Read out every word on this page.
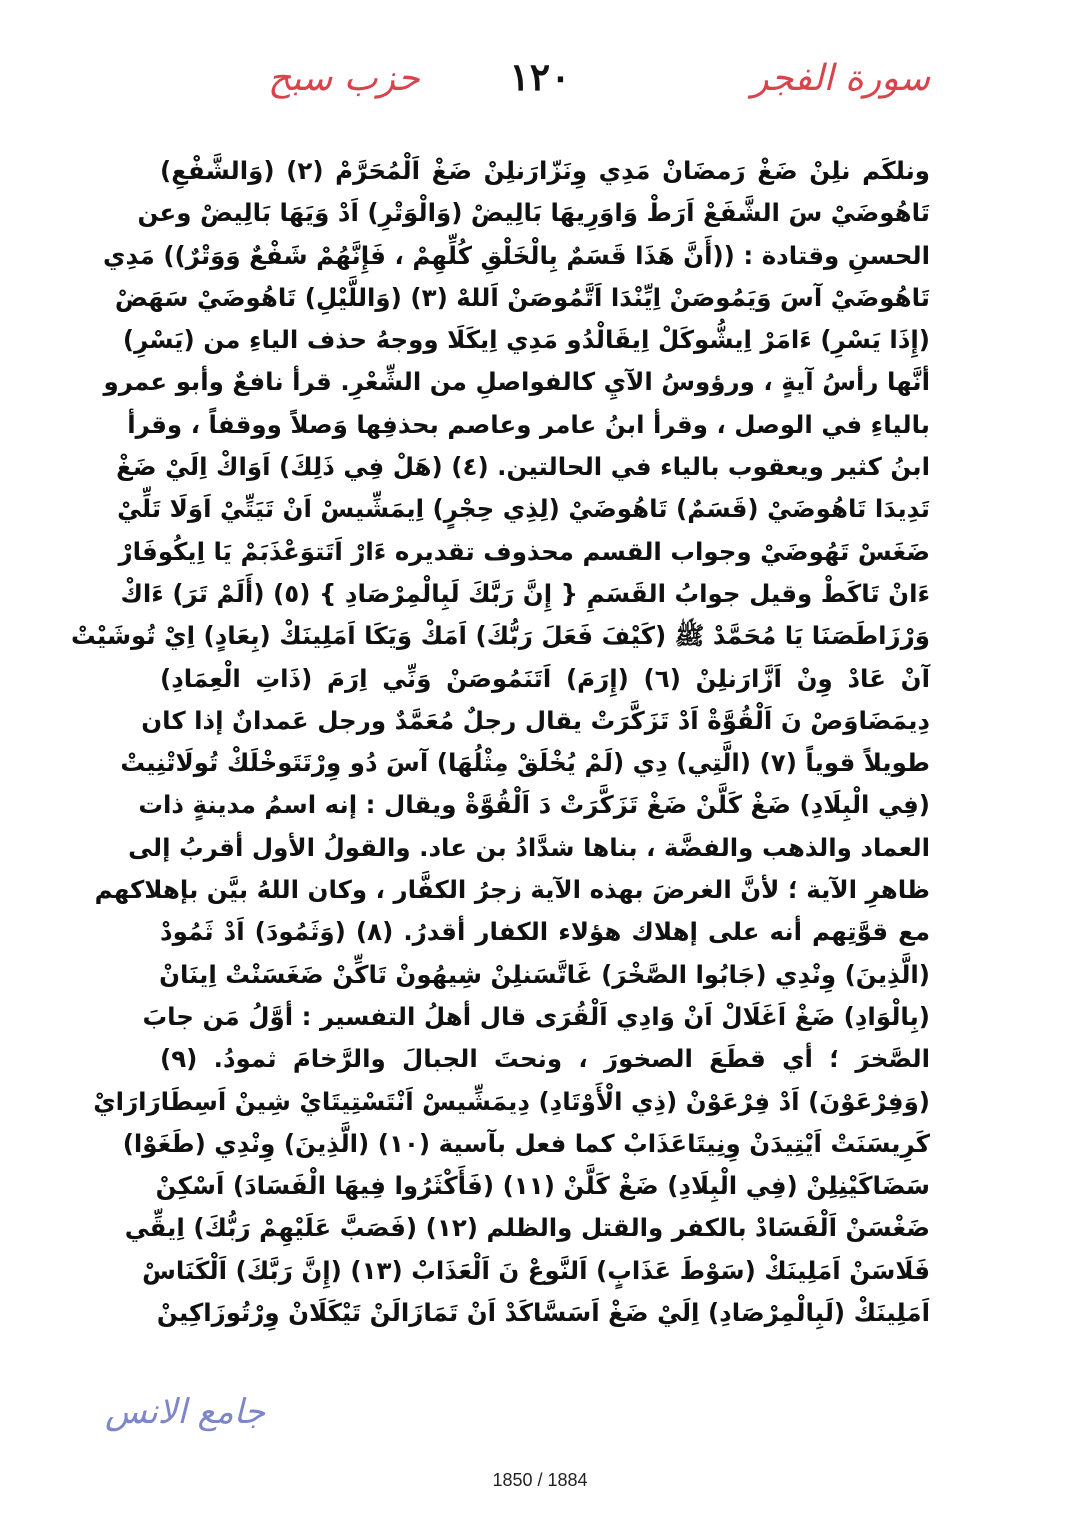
سورة الفجر
١٢٠
حزب سبح
ونلكَم نلِنْ ضَغْ رَمضَانْ مَدِي وِنَزّارَنلِنْ ضَغْ اَلْمُحَرَّمْ (٢) (وَالشَّفْعِ)
تَاهُوضَيْ سَ الشَّفَعْ اَرَطْ وَاوَرِيهَا بَالِيضْ (وَالْوَتْرِ) اَدْ وَيَهَا بَالِيضْ وعن
الحسنِ وقتادة : ((أَنَّ هَذَا قَسَمٌ بِالْخَلْقِ كُلِّهِمْ ، فَإِنَّهُمْ شَفْعٌ وَوَتْرٌ)) مَدِي
تَاهُوضَيْ آسَ وَيَمُوصَنْ اِيِّنْدَا اَتَّمُوصَنْ اَللهْ (٣) (وَاللَّيْلِ) تَاهُوضَيْ سَهَضْ
(إِذَا يَسْرِ) ءَامَرْ اِيشُّوكَلْ اِيقَالْدُو مَدِي اِيكَلَا ووجهُ حذف الياءِ من (يَسْرِ)
أنَّها رأسُ آيةٍ ، ورؤوسُ الآيِ كالفواصلِ من الشِّعْرِ. قرأ نافعٌ وأبو عمرو
بالياءِ في الوصل ، وقرأ ابنُ عامر وعاصم بحذفِها وَصلاً ووقفاً ، وقرأ
ابنُ كثير ويعقوب بالياء في الحالتين. (٤) (هَلْ فِي ذَلِكَ) اَوَاكْ اِلَيْ ضَغْ
تَدِيدَا تَاهُوضَيْ (قَسَمٌ) تَاهُوضَيْ (لِذِي حِجْرٍ) اِيمَشِّيسْ اَنْ تَيَتِّيْ اَوَلَا تَلِّيْ
ضَغَسْ تَهُوضَيْ وجواب القسم محذوف تقديره ءَارْ اَتَتوَعْذَبَمْ يَا اِيكُوفَارْ
ءَانْ تَاكَطْ وقيل جوابُ القَسَمِ { إِنَّ رَبَّكَ لَبِالْمِرْصَادِ } (٥) (أَلَمْ تَرَ) ءَاكْ
وَرْزَاطَصَنَا يَا مُحَمَّدْ ﷺ (كَيْفَ فَعَلَ رَبُّكَ) اَمَكْ وَيَكَا اَمَلِينَكْ (بِعَادٍ) اِيْ تُوشَيْتْ
آنْ عَادْ وِنْ اَزَّارَنلِنْ (٦) (إِرَمَ) اَتَنَمُوصَنْ وَنِّي اِرَمَ (ذَاتِ الْعِمَادِ)
دِيمَضَاوَصْ نَ اَلْقُوَّةْ اَدْ تَزَكَّرَتْ يقال رجلٌ مُعَمَّدٌ ورجل عَمدانٌ إذا كان
طويلاً قوياً (٧) (الَّتِي) دِي (لَمْ يُخْلَقْ مِثْلُهَا) آسَ دُو وِرْتَتَوخْلَكْ تُولَاتْنِيتْ
(فِي الْبِلَادِ) ضَغْ كَلَّنْ ضَغْ تَزَكَّرَتْ دَ اَلْقُوَّةْ ويقال : إنه اسمُ مدينةٍ ذات
العماد والذهب والفضَّة ، بناها شدَّادُ بن عاد. والقولُ الأول أقربُ إلى
ظاهرِ الآية ؛ لأنَّ الغرضَ بهذه الآية زجرُ الكفَّار ، وكان اللهُ بيَّن بإهلاكهم
مع قوَّتِهم أنه على إهلاك هؤلاء الكفار أقدرُ. (٨) (وَثَمُودَ) اَدْ ثَمُودْ
(الَّذِينَ) وِنْدِي (جَابُوا الصَّخْرَ) غَاتَّسَنلِنْ شِيهُونْ تَاكِّنْ ضَغَسَنْتْ اِينَانْ
(بِالْوَادِ) ضَغْ اَغَلَالْ اَنْ وَادِي اَلْقُرَى قال أهلُ التفسير : أوَّلُ مَن جابَ
الصَّخرَ ؛ أي قطَعَ الصخورَ ، ونحتَ الجبالَ والرَّخامَ ثمودُ. (٩)
(وَفِرْعَوْنَ) اَدْ فِرْعَوْنْ (ذِي الْأَوْتَادِ) دِيمَشِّيسْ اَنْتَسْتِيتَايْ شِينْ اَسِطَارَارَايْ
كَرِيسَنَتْ اَيْتِيدَنْ وِنِيتَاعَذَابْ كما فعل بآسية (١٠) (الَّذِينَ) وِنْدِي (طَغَوْا)
سَضَاكَيْنِلِنْ (فِي الْبِلَادِ) ضَغْ كَلَّنْ (١١) (فَأَكْثَرُوا فِيهَا الْفَسَادَ) اَسْكِنْ
ضَغْسَنْ اَلْفَسَادْ بالكفر والقتل والظلم (١٢) (فَصَبَّ عَلَيْهِمْ رَبُّكَ) اِيقِّي
فَلَاسَنْ اَمَلِينَكْ (سَوْطَ عَذَابٍ) اَلنَّوعْ نَ اَلْعَذَابْ (١٣) (إِنَّ رَبَّكَ) اَلْكَنَاسْ
اَمَلِينَكْ (لَبِالْمِرْصَادِ) اِلَيْ ضَغْ اَسَسَّاكَدْ اَنْ تَمَازَالَنْ تَيْكَلَانْ وِرْتُوزَاكِينْ
جامع الانس
1850 / 1884
